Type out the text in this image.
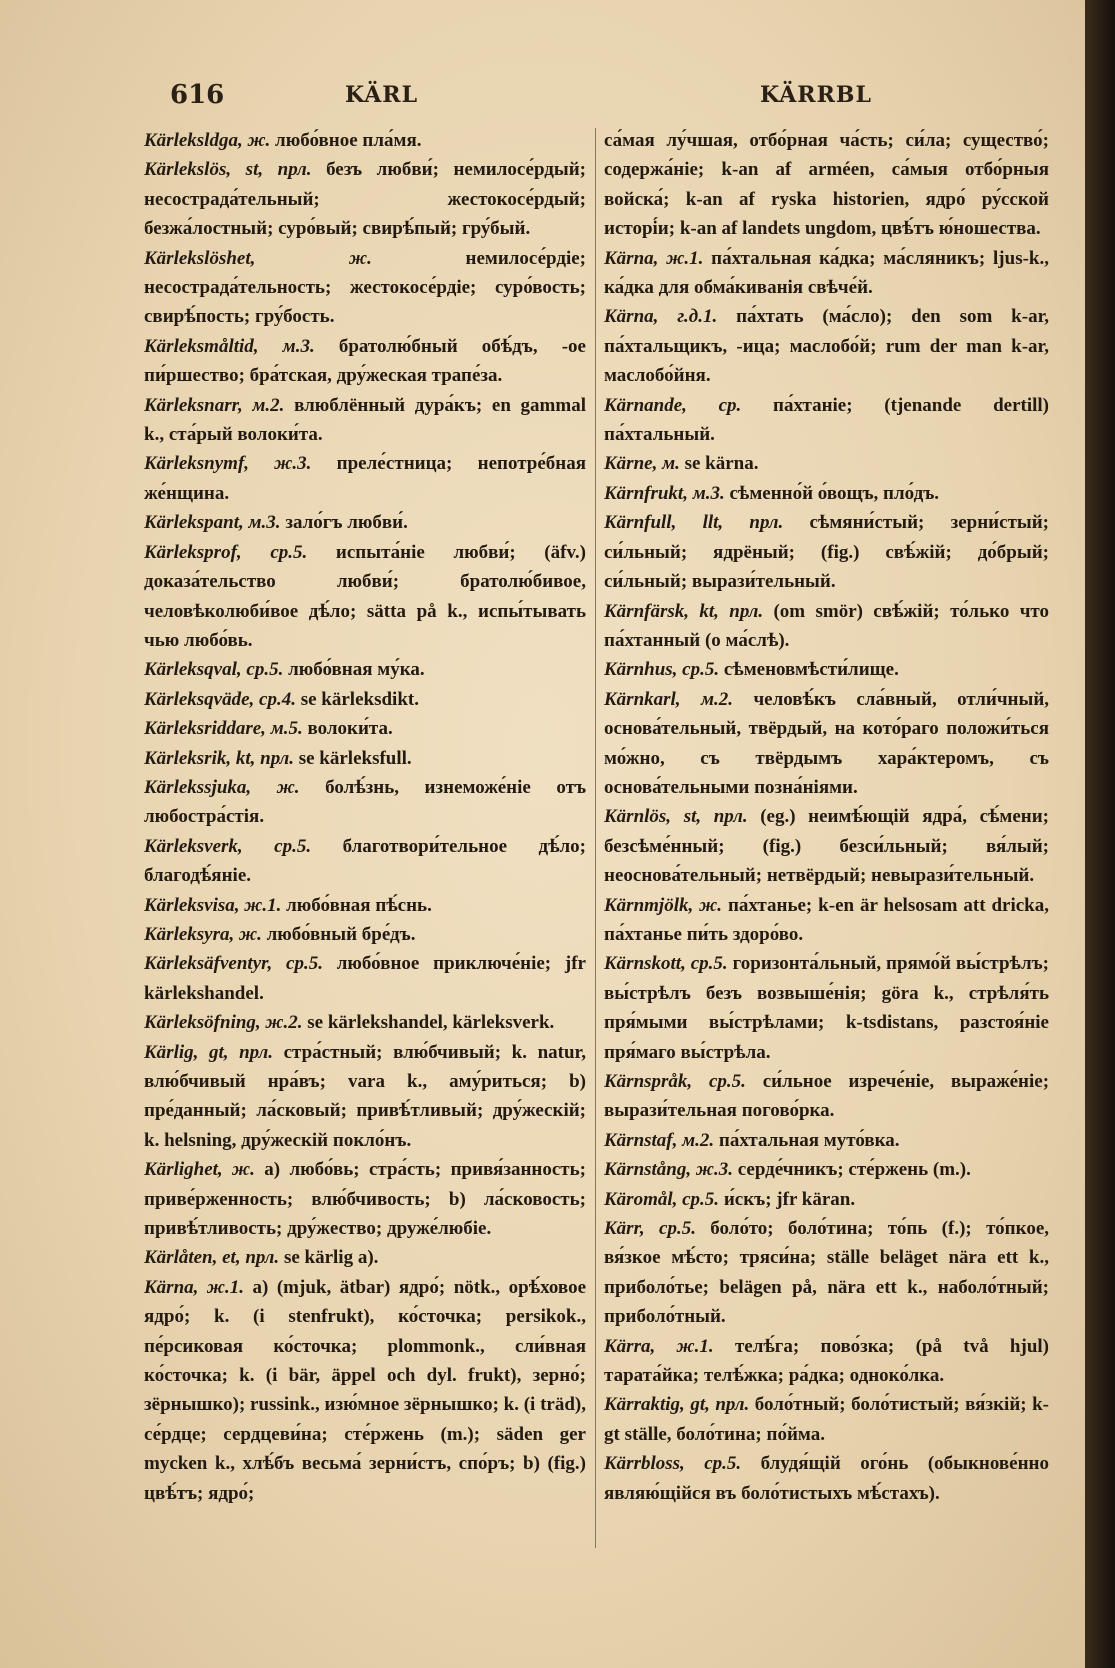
616	KÄRL	KÄRRBL

Kärleksldga, ж. любо́вное пла́мя.

Kärlekslös, st, прл. безъ любви́; немилосе́рдый; несострада́тельный; жестокосе́рдый; безжа́лостный; суро́вый; свирѣ́пый; гру́бый.

Kärlekslöshet,	ж.	немилосе́рдіе; несострада́тельность; жестокосе́рдіе; суро́вость; свирѣ́пость; гру́бость.

Kärleksmåltid, м.3. братолю́бный обѣ́дъ, -ое пи́ршество; бра́тская, дру́жеская трапе́за.

Kärleksnarr, м.2. влюблённый дура́къ; en gammal k., ста́рый волоки́та.

Kärleksnymf, ж.3. преле́стница; непотре́бная же́нщина.

Kärlekspant, м.3. зало́гъ любви́.

Kärleksprof, ср.5. испыта́ніе любви́; (äfv.) доказа́тельство любви́; братолю́бивое, человѣколюби́вое дѣ́ло; sätta på k., испы́тывать чью любо́вь.

Kärleksqval, ср.5. любо́вная му́ка.

Kärleksqväde, ср.4. se kärleksdikt.

Kärleksriddare, м.5. волоки́та.

Kärleksrik, kt, прл. se kärleksfull.

Kärlekssjuka, ж. болѣ́знь, изнеможе́ніе отъ любостра́стія.

Kärleksverk, ср.5. благотвори́тельное дѣ́ло; благодѣ́яніе.

Kärleksvisa, ж.1. любо́вная пѣ́снь.

Kärleksyra, ж. любо́вный бре́дъ.

Kärleksäfventyr, ср.5. любо́вное приключе́ніе; jfr kärlekshandel.

Kärleksöfning, ж.2. se kärlekshandel, kärleksverk.

Kärlig, gt, прл. стра́стный; влю́бчивый; k. natur, влю́бчивый нра́въ; vara k., аму́риться; b) пре́данный; ла́сковый; привѣ́тливый; дру́жескій; k. helsning, дру́жескій покло́нъ.

Kärlighet, ж. a) любо́вь; стра́сть; привя́занность; приве́рженность; влю́бчивость; b) ла́сковость; привѣ́тливость; дру́жество; друже́любіе.

Kärlåten, et, прл. se kärlig a).

Kärna, ж.1. a) (mjuk, ätbar) ядро́; nötk., орѣ́ховое ядро́; k. (i stenfrukt), ко́сточка; persikok., пе́рсиковая ко́сточка; plommonk., сли́вная ко́сточка; k. (i bär, äppel och dyl. frukt), зерно́; зёрнышко); russink., изю́мное зёрнышко; k. (i träd), се́рдце; сердцеви́на; сте́ржень (m.); säden ger mycken k., хлѣ́бъ весьма́ зерни́стъ, спо́ръ; b) (fig.) цвѣ́тъ; ядро́;

са́мая лу́чшая, отбо́рная ча́сть; си́ла; существо́; содержа́ніе; k-an af arméen, са́мыя отбо́рныя войска́; k-an af ryska historien, ядро́ ру́сской исторі́и; k-an af landets ungdom, цвѣ́тъ ю́ношества.

Kärna, ж.1. па́хтальная ка́дка; ма́сляникъ; ljus-k., ка́дка для обма́киванія свѣче́й.

Kärna, г.д.1. па́хтать (ма́сло); den som k-ar, па́хтальщикъ, -ица; маслобо́й; rum der man k-ar, маслобо́йня.

Kärnande, ср. па́хтаніе; (tjenande dertill) па́хтальный.

Kärne, м. se kärna.

Kärnfrukt, м.3. сѣменно́й о́вощъ, пло́дъ.

Kärnfull, llt, прл. сѣмяни́стый; зерни́стый; си́льный; ядрёный; (fig.) свѣ́жій; до́брый; си́льный; вырази́тельный.

Kärnfärsk, kt, прл. (om smör) свѣ́жій; то́лько что па́хтанный (о ма́слѣ).

Kärnhus, ср.5. сѣменовмѣсти́лище.

Kärnkarl, м.2. человѣ́къ сла́вный, отли́чный, основа́тельный, твёрдый, на кото́раго положи́ться мо́жно, съ твёрдымъ хара́ктеромъ, съ основа́тельными позна́ніями.

Kärnlös, st, прл. (eg.) неимѣ́ющій ядра́, сѣ́мени; безсѣме́нный; (fig.) безси́льный; вя́лый; неоснова́тельный; нетвёрдый; невырази́тельный.

Kärnmjölk, ж. па́хтанье; k-en är helsosam att dricka, па́хтанье пи́ть здоро́во.

Kärnskott, ср.5. горизонта́льный, прямо́й вы́стрѣлъ; вы́стрѣлъ безъ возвыше́нія; göra k., стрѣля́ть пря́мыми вы́стрѣлами; k-tsdistans, разстоя́ніе пря́маго вы́стрѣла.

Kärnspråk, ср.5. си́льное изрече́ніе, выраже́ніе; вырази́тельная погово́рка.

Kärnstaf, м.2. па́хтальная муто́вка.

Kärnstång, ж.3. серде́чникъ; сте́ржень (m.).

Käromål, ср.5. и́скъ; jfr käran.

Kärr, ср.5. боло́то; боло́тина; то́пь (f.); то́пкое, вя́зкое мѣ́сто; тряси́на; ställe beläget nära ett k., приболо́тье; belägen på, nära ett k., наболо́тный; приболо́тный.

Kärra, ж.1. телѣ́га; пово́зка; (på två hjul) тарата́йка; телѣ́жка; ра́дка; одноко́лка.

Kärraktig, gt, прл. боло́тный; боло́тистый; вя́зкій; k-gt ställe, боло́тина; по́йма.

Kärrbloss, ср.5. блудя́щій ого́нь (обыкнове́нно являю́щійся въ боло́тистыхъ мѣ́стахъ).
